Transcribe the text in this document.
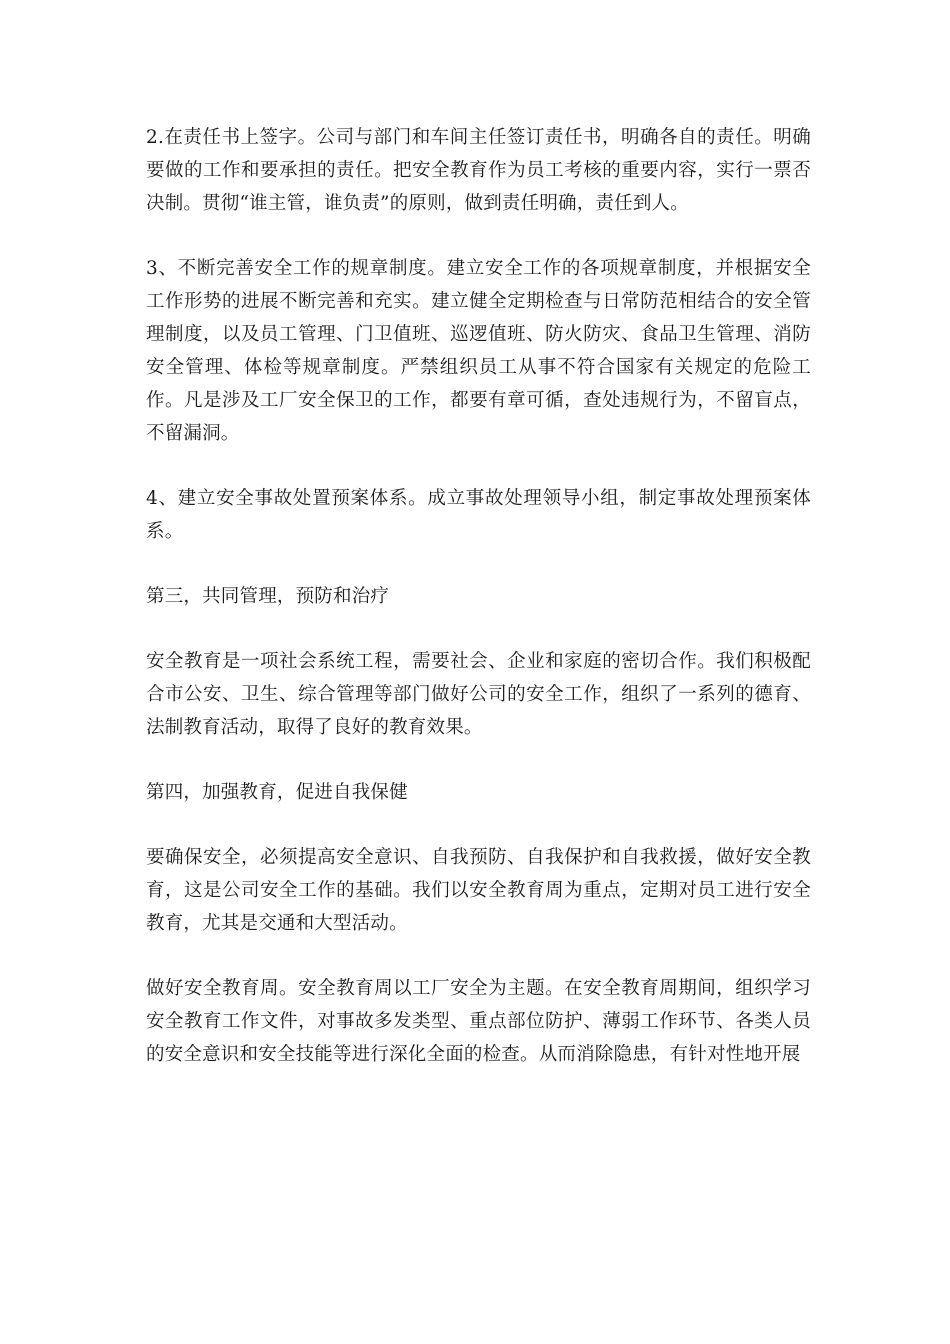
2.在责任书上签字。公司与部门和车间主任签订责任书，明确各自的责任。明确要做的工作和要承担的责任。把安全教育作为员工考核的重要内容，实行一票否决制。贯彻“谁主管，谁负责”的原则，做到责任明确，责任到人。

3、不断完善安全工作的规章制度。建立安全工作的各项规章制度，并根据安全工作形势的进展不断完善和充实。建立健全定期检查与日常防范相结合的安全管理制度，以及员工管理、门卫值班、巡逻值班、防火防灾、食品卫生管理、消防安全管理、体检等规章制度。严禁组织员工从事不符合国家有关规定的危险工作。凡是涉及工厂安全保卫的工作，都要有章可循，查处违规行为，不留盲点，不留漏洞。

4、建立安全事故处置预案体系。成立事故处理领导小组，制定事故处理预案体系。

第三，共同管理，预防和治疗

安全教育是一项社会系统工程，需要社会、企业和家庭的密切合作。我们积极配合市公安、卫生、综合管理等部门做好公司的安全工作，组织了一系列的德育、法制教育活动，取得了良好的教育效果。

第四，加强教育，促进自我保健

要确保安全，必须提高安全意识、自我预防、自我保护和自我救援，做好安全教育，这是公司安全工作的基础。我们以安全教育周为重点，定期对员工进行安全教育，尤其是交通和大型活动。

做好安全教育周。安全教育周以工厂安全为主题。在安全教育周期间，组织学习安全教育工作文件，对事故多发类型、重点部位防护、薄弱工作环节、各类人员的安全意识和安全技能等进行深化全面的检查。从而消除隐患，有针对性地开展
